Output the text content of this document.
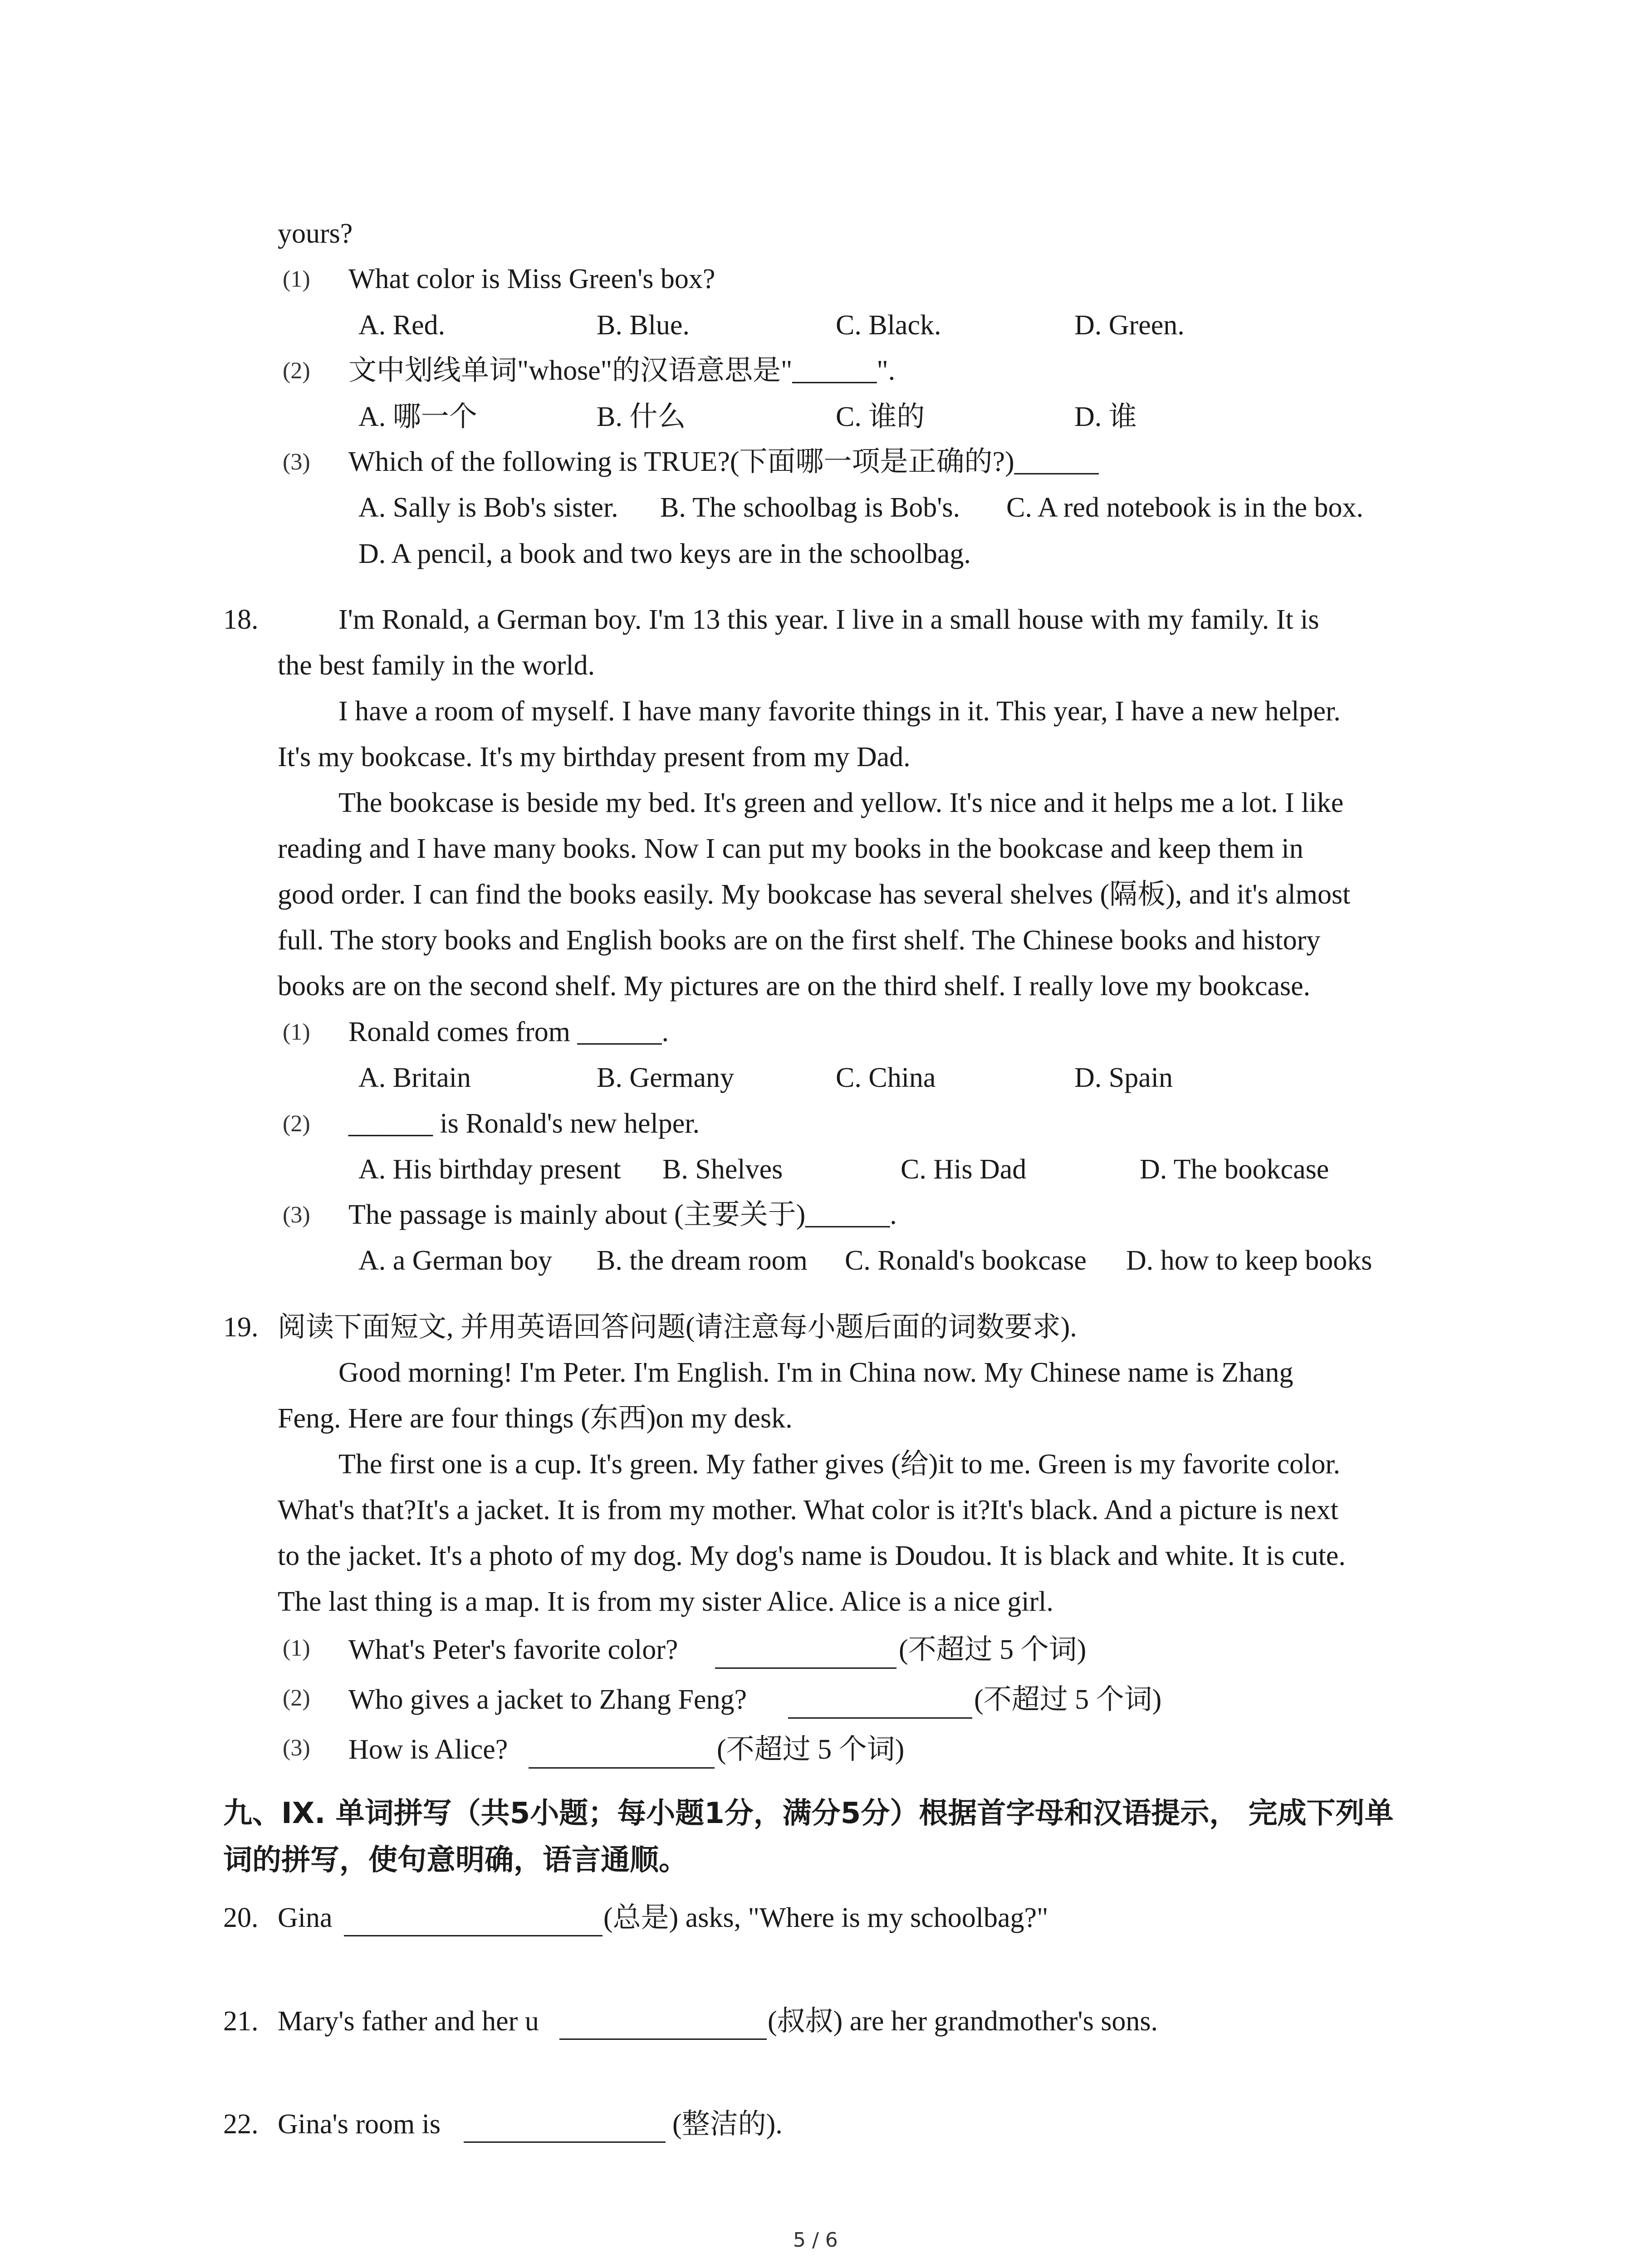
yours?
(1) What color is Miss Green's box?
A. Red.	B. Blue.	C. Black.	D. Green.
(2) 文中划线单词"whose"的汉语意思是"______".
A. 哪一个	B. 什么	C. 谁的	D. 谁
(3) Which of the following is TRUE?(下面哪一项是正确的?)______
A. Sally is Bob's sister. B. The schoolbag is Bob's. C. A red notebook is in the box.
D. A pencil, a book and two keys are in the schoolbag.
18.	I'm Ronald, a German boy. I'm 13 this year. I live in a small house with my family. It is
the best family in the world.
I have a room of myself. I have many favorite things in it. This year, I have a new helper.
It's my bookcase. It's my birthday present from my Dad.
The bookcase is beside my bed. It's green and yellow. It's nice and it helps me a lot. I like
reading and I have many books. Now I can put my books in the bookcase and keep them in
good order. I can find the books easily. My bookcase has several shelves (隔板), and it's almost
full. The story books and English books are on the first shelf. The Chinese books and history
books are on the second shelf. My pictures are on the third shelf. I really love my bookcase.
(1) Ronald comes from ______.
A. Britain	B. Germany	C. China	D. Spain
(2) ______ is Ronald's new helper.
A. His birthday present B. Shelves	C. His Dad	D. The bookcase
(3) The passage is mainly about (主要关于)______.
A. a German boy B. the dream room C. Ronald's bookcase D. how to keep books
19. 阅读下面短文, 并用英语回答问题(请注意每小题后面的词数要求).
Good morning! I'm Peter. I'm English. I'm in China now. My Chinese name is Zhang
Feng. Here are four things (东西)on my desk.
The first one is a cup. It's green. My father gives (给)it to me. Green is my favorite color.
What's that?It's a jacket. It is from my mother. What color is it?It's black. And a picture is next
to the jacket. It's a photo of my dog. My dog's name is Doudou. It is black and white. It is cute.
The last thing is a map. It is from my sister Alice. Alice is a nice girl.
(1) What's Peter's favorite color?	(不超过 5 个词)
(2) Who gives a jacket to Zhang Feng?	(不超过 5 个词)
(3) How is Alice?	(不超过 5 个词)
九、IX. 单词拼写（共5小题；每小题1分，满分5分）根据首字母和汉语提示， 完成下列单
词的拼写，使句意明确，语言通顺。
20. Gina	(总是) asks, "Where is my schoolbag?"
21. Mary's father and her u	(叔叔) are her grandmother's sons.
22. Gina's room is	(整洁的).
5 / 6
